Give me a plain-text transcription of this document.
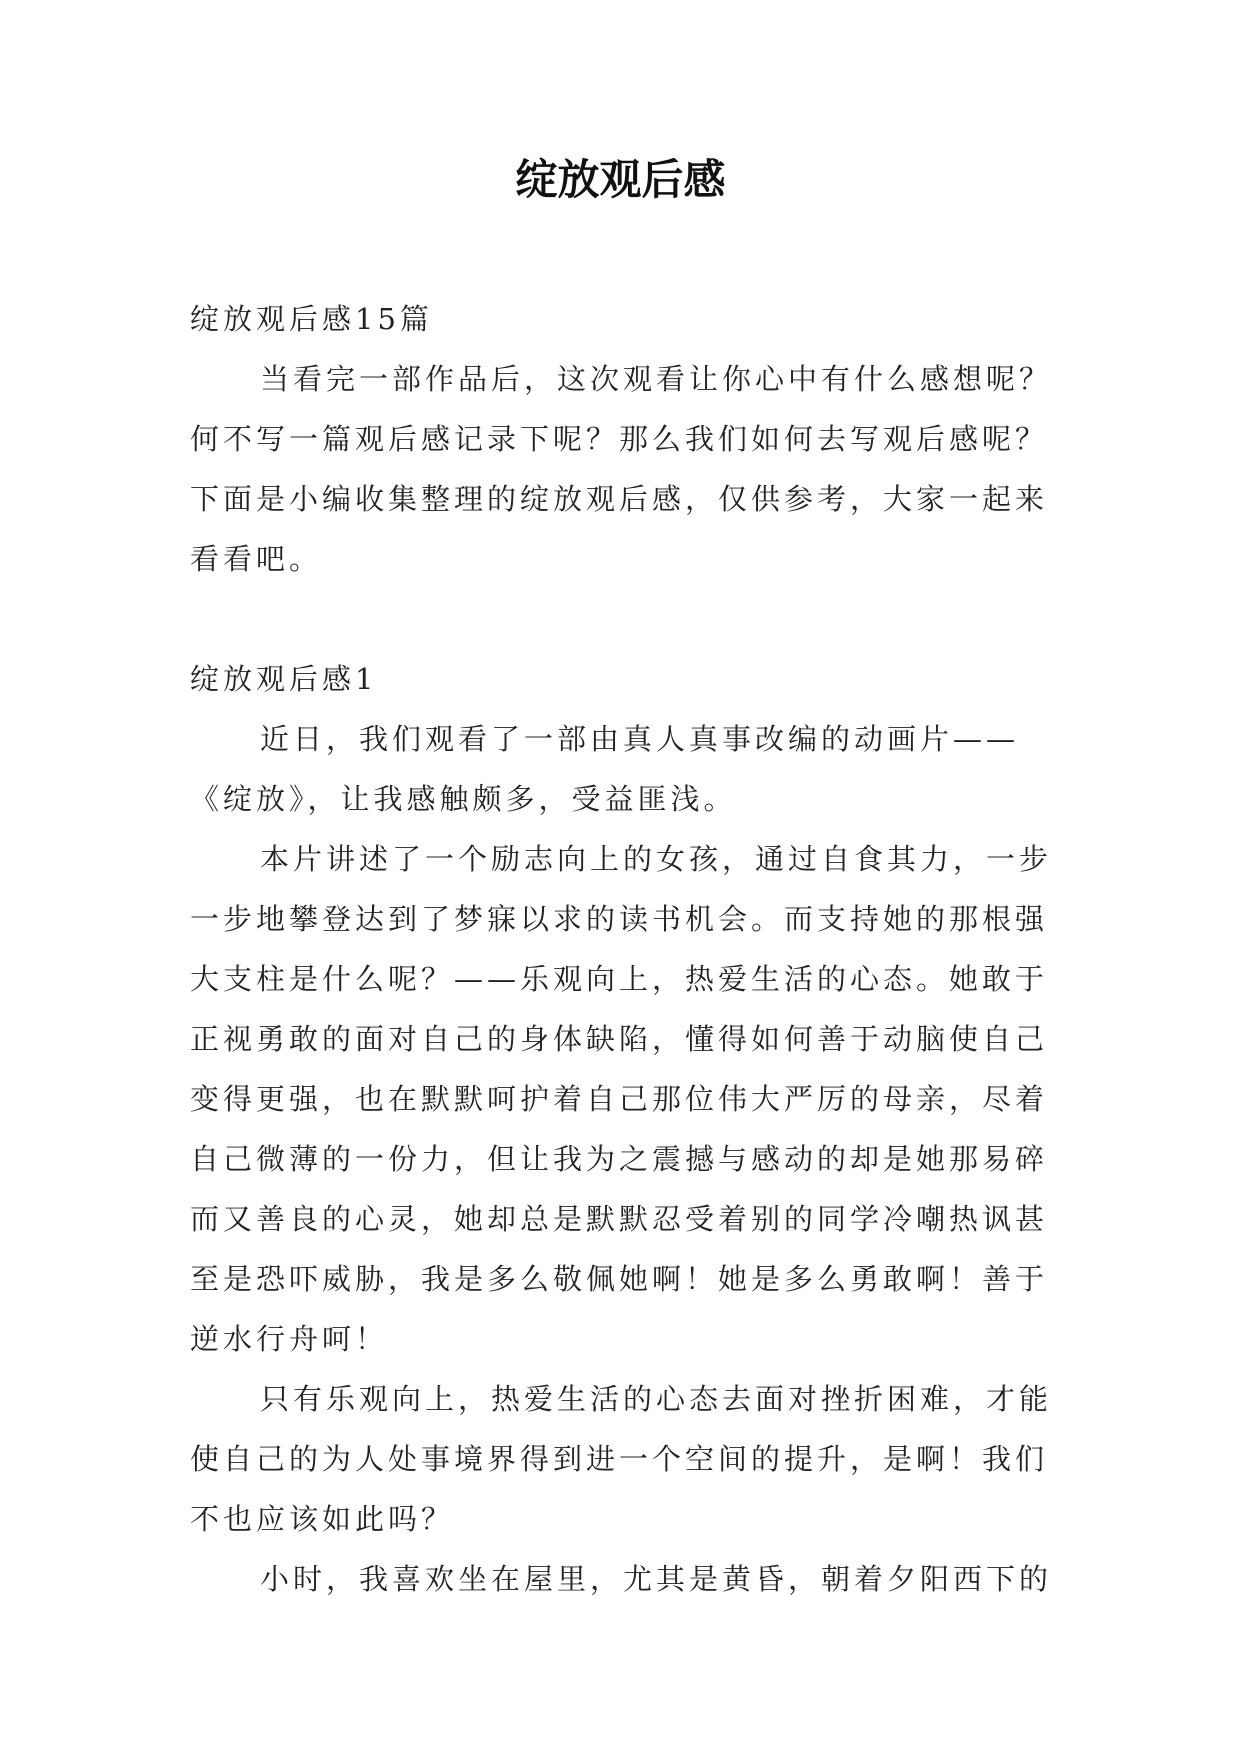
绽放观后感

绽放观后感15篇

当看完一部作品后，这次观看让你心中有什么感想呢？何不写一篇观后感记录下呢？那么我们如何去写观后感呢？下面是小编收集整理的绽放观后感，仅供参考，大家一起来看看吧。

绽放观后感1

近日，我们观看了一部由真人真事改编的动画片——《绽放》，让我感触颇多，受益匪浅。

本片讲述了一个励志向上的女孩，通过自食其力，一步一步地攀登达到了梦寐以求的读书机会。而支持她的那根强大支柱是什么呢？——乐观向上，热爱生活的心态。她敢于正视勇敢的面对自己的身体缺陷，懂得如何善于动脑使自己变得更强，也在默默呵护着自己那位伟大严厉的母亲，尽着自己微薄的一份力，但让我为之震撼与感动的却是她那易碎而又善良的心灵，她却总是默默忍受着别的同学冷嘲热讽甚至是恐吓威胁，我是多么敬佩她啊！她是多么勇敢啊！善于逆水行舟呵！

只有乐观向上，热爱生活的心态去面对挫折困难，才能使自己的为人处事境界得到进一个空间的提升，是啊！我们不也应该如此吗？

小时，我喜欢坐在屋里，尤其是黄昏，朝着夕阳西下的
